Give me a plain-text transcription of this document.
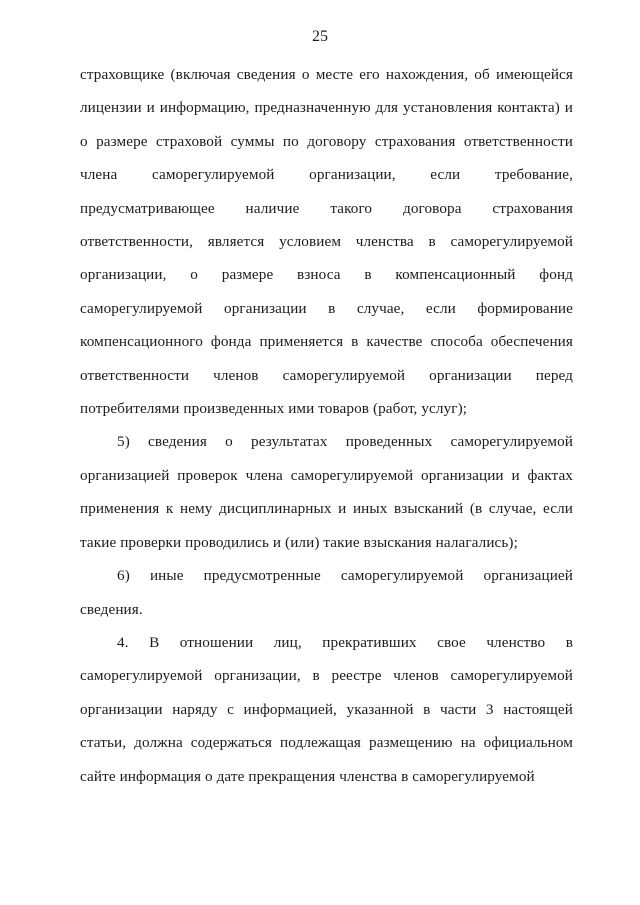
25

страховщике (включая сведения о месте его нахождения, об имеющейся лицензии и информацию, предназначенную для установления контакта) и о размере страховой суммы по договору страхования ответственности члена саморегулируемой организации, если требование, предусматривающее наличие такого договора страхования ответственности, является условием членства в саморегулируемой организации, о размере взноса в компенсационный фонд саморегулируемой организации в случае, если формирование компенсационного фонда применяется в качестве способа обеспечения ответственности членов саморегулируемой организации перед потребителями произведенных ими товаров (работ, услуг);

5) сведения о результатах проведенных саморегулируемой организацией проверок члена саморегулируемой организации и фактах применения к нему дисциплинарных и иных взысканий (в случае, если такие проверки проводились и (или) такие взыскания налагались);

6) иные предусмотренные саморегулируемой организацией сведения.

4. В отношении лиц, прекративших свое членство в саморегулируемой организации, в реестре членов саморегулируемой организации наряду с информацией, указанной в части 3 настоящей статьи, должна содержаться подлежащая размещению на официальном сайте информация о дате прекращения членства в саморегулируемой
